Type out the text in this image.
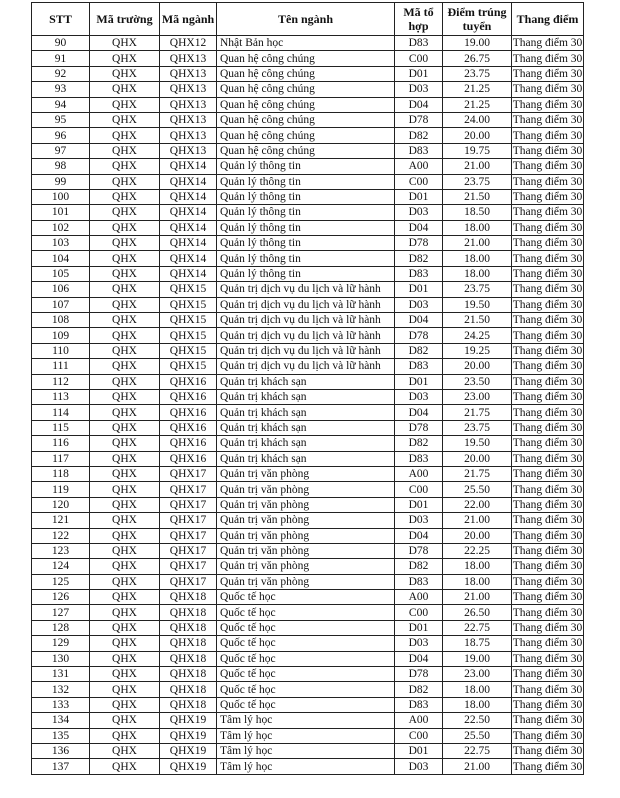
STT	Mã trường	Mã ngành	Tên ngành	Mã tổ hợp	Điểm trúng tuyển	Thang điểm
90	QHX	QHX12	Nhật Bản học	D83	19.00	Thang điểm 30
91	QHX	QHX13	Quan hệ công chúng	C00	26.75	Thang điểm 30
92	QHX	QHX13	Quan hệ công chúng	D01	23.75	Thang điểm 30
93	QHX	QHX13	Quan hệ công chúng	D03	21.25	Thang điểm 30
94	QHX	QHX13	Quan hệ công chúng	D04	21.25	Thang điểm 30
95	QHX	QHX13	Quan hệ công chúng	D78	24.00	Thang điểm 30
96	QHX	QHX13	Quan hệ công chúng	D82	20.00	Thang điểm 30
97	QHX	QHX13	Quan hệ công chúng	D83	19.75	Thang điểm 30
98	QHX	QHX14	Quản lý thông tin	A00	21.00	Thang điểm 30
99	QHX	QHX14	Quản lý thông tin	C00	23.75	Thang điểm 30
100	QHX	QHX14	Quản lý thông tin	D01	21.50	Thang điểm 30
101	QHX	QHX14	Quản lý thông tin	D03	18.50	Thang điểm 30
102	QHX	QHX14	Quản lý thông tin	D04	18.00	Thang điểm 30
103	QHX	QHX14	Quản lý thông tin	D78	21.00	Thang điểm 30
104	QHX	QHX14	Quản lý thông tin	D82	18.00	Thang điểm 30
105	QHX	QHX14	Quản lý thông tin	D83	18.00	Thang điểm 30
106	QHX	QHX15	Quản trị dịch vụ du lịch và lữ hành	D01	23.75	Thang điểm 30
107	QHX	QHX15	Quản trị dịch vụ du lịch và lữ hành	D03	19.50	Thang điểm 30
108	QHX	QHX15	Quản trị dịch vụ du lịch và lữ hành	D04	21.50	Thang điểm 30
109	QHX	QHX15	Quản trị dịch vụ du lịch và lữ hành	D78	24.25	Thang điểm 30
110	QHX	QHX15	Quản trị dịch vụ du lịch và lữ hành	D82	19.25	Thang điểm 30
111	QHX	QHX15	Quản trị dịch vụ du lịch và lữ hành	D83	20.00	Thang điểm 30
112	QHX	QHX16	Quản trị khách sạn	D01	23.50	Thang điểm 30
113	QHX	QHX16	Quản trị khách sạn	D03	23.00	Thang điểm 30
114	QHX	QHX16	Quản trị khách sạn	D04	21.75	Thang điểm 30
115	QHX	QHX16	Quản trị khách sạn	D78	23.75	Thang điểm 30
116	QHX	QHX16	Quản trị khách sạn	D82	19.50	Thang điểm 30
117	QHX	QHX16	Quản trị khách sạn	D83	20.00	Thang điểm 30
118	QHX	QHX17	Quản trị văn phòng	A00	21.75	Thang điểm 30
119	QHX	QHX17	Quản trị văn phòng	C00	25.50	Thang điểm 30
120	QHX	QHX17	Quản trị văn phòng	D01	22.00	Thang điểm 30
121	QHX	QHX17	Quản trị văn phòng	D03	21.00	Thang điểm 30
122	QHX	QHX17	Quản trị văn phòng	D04	20.00	Thang điểm 30
123	QHX	QHX17	Quản trị văn phòng	D78	22.25	Thang điểm 30
124	QHX	QHX17	Quản trị văn phòng	D82	18.00	Thang điểm 30
125	QHX	QHX17	Quản trị văn phòng	D83	18.00	Thang điểm 30
126	QHX	QHX18	Quốc tế học	A00	21.00	Thang điểm 30
127	QHX	QHX18	Quốc tế học	C00	26.50	Thang điểm 30
128	QHX	QHX18	Quốc tế học	D01	22.75	Thang điểm 30
129	QHX	QHX18	Quốc tế học	D03	18.75	Thang điểm 30
130	QHX	QHX18	Quốc tế học	D04	19.00	Thang điểm 30
131	QHX	QHX18	Quốc tế học	D78	23.00	Thang điểm 30
132	QHX	QHX18	Quốc tế học	D82	18.00	Thang điểm 30
133	QHX	QHX18	Quốc tế học	D83	18.00	Thang điểm 30
134	QHX	QHX19	Tâm lý học	A00	22.50	Thang điểm 30
135	QHX	QHX19	Tâm lý học	C00	25.50	Thang điểm 30
136	QHX	QHX19	Tâm lý học	D01	22.75	Thang điểm 30
137	QHX	QHX19	Tâm lý học	D03	21.00	Thang điểm 30
